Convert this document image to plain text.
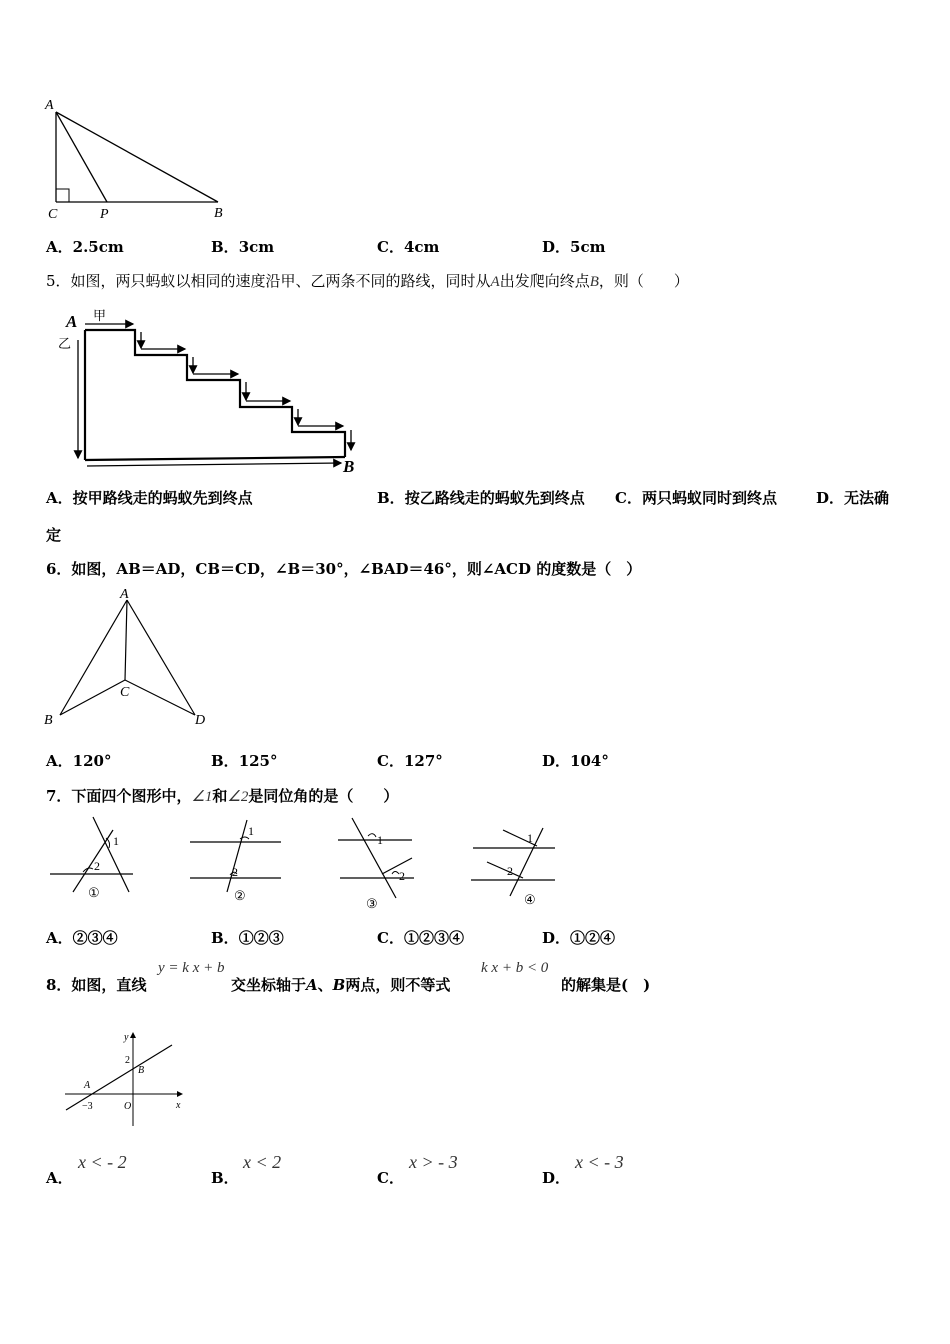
A
C	P	B
A．2.5cm	B．3cm	C．4cm	D．5cm
5．如图，两只蚂蚁以相同的速度沿甲、乙两条不同的路线，同时从A出发爬向终点B，则（　　）
A 甲
乙
B
A．按甲路线走的蚂蚁先到终点	B．按乙路线走的蚂蚁先到终点 C．两只蚂蚁同时到终点	D．无法确
定
6．如图，AB＝AD，CB＝CD，∠B＝30°，∠BAD＝46°，则∠ACD 的度数是（　）
A
B
C
D
A．120°	B．125°	C．127°	D．104°
7．下面四个图形中，∠1和∠2是同位角的是（　　）
1
2
①
1
2
②
1
2
③
1
2
④
A．②③④	B．①②③	C．①②③④	D．①②④
8．如图，直线
y = k x + b
交坐标轴于A、B两点，则不等式
k x + b < 0
的解集是(　)
y
x
2
B
A
−3	O
A．
x < - 2
B．
x < 2
C．
x > - 3
D．
x < - 3
